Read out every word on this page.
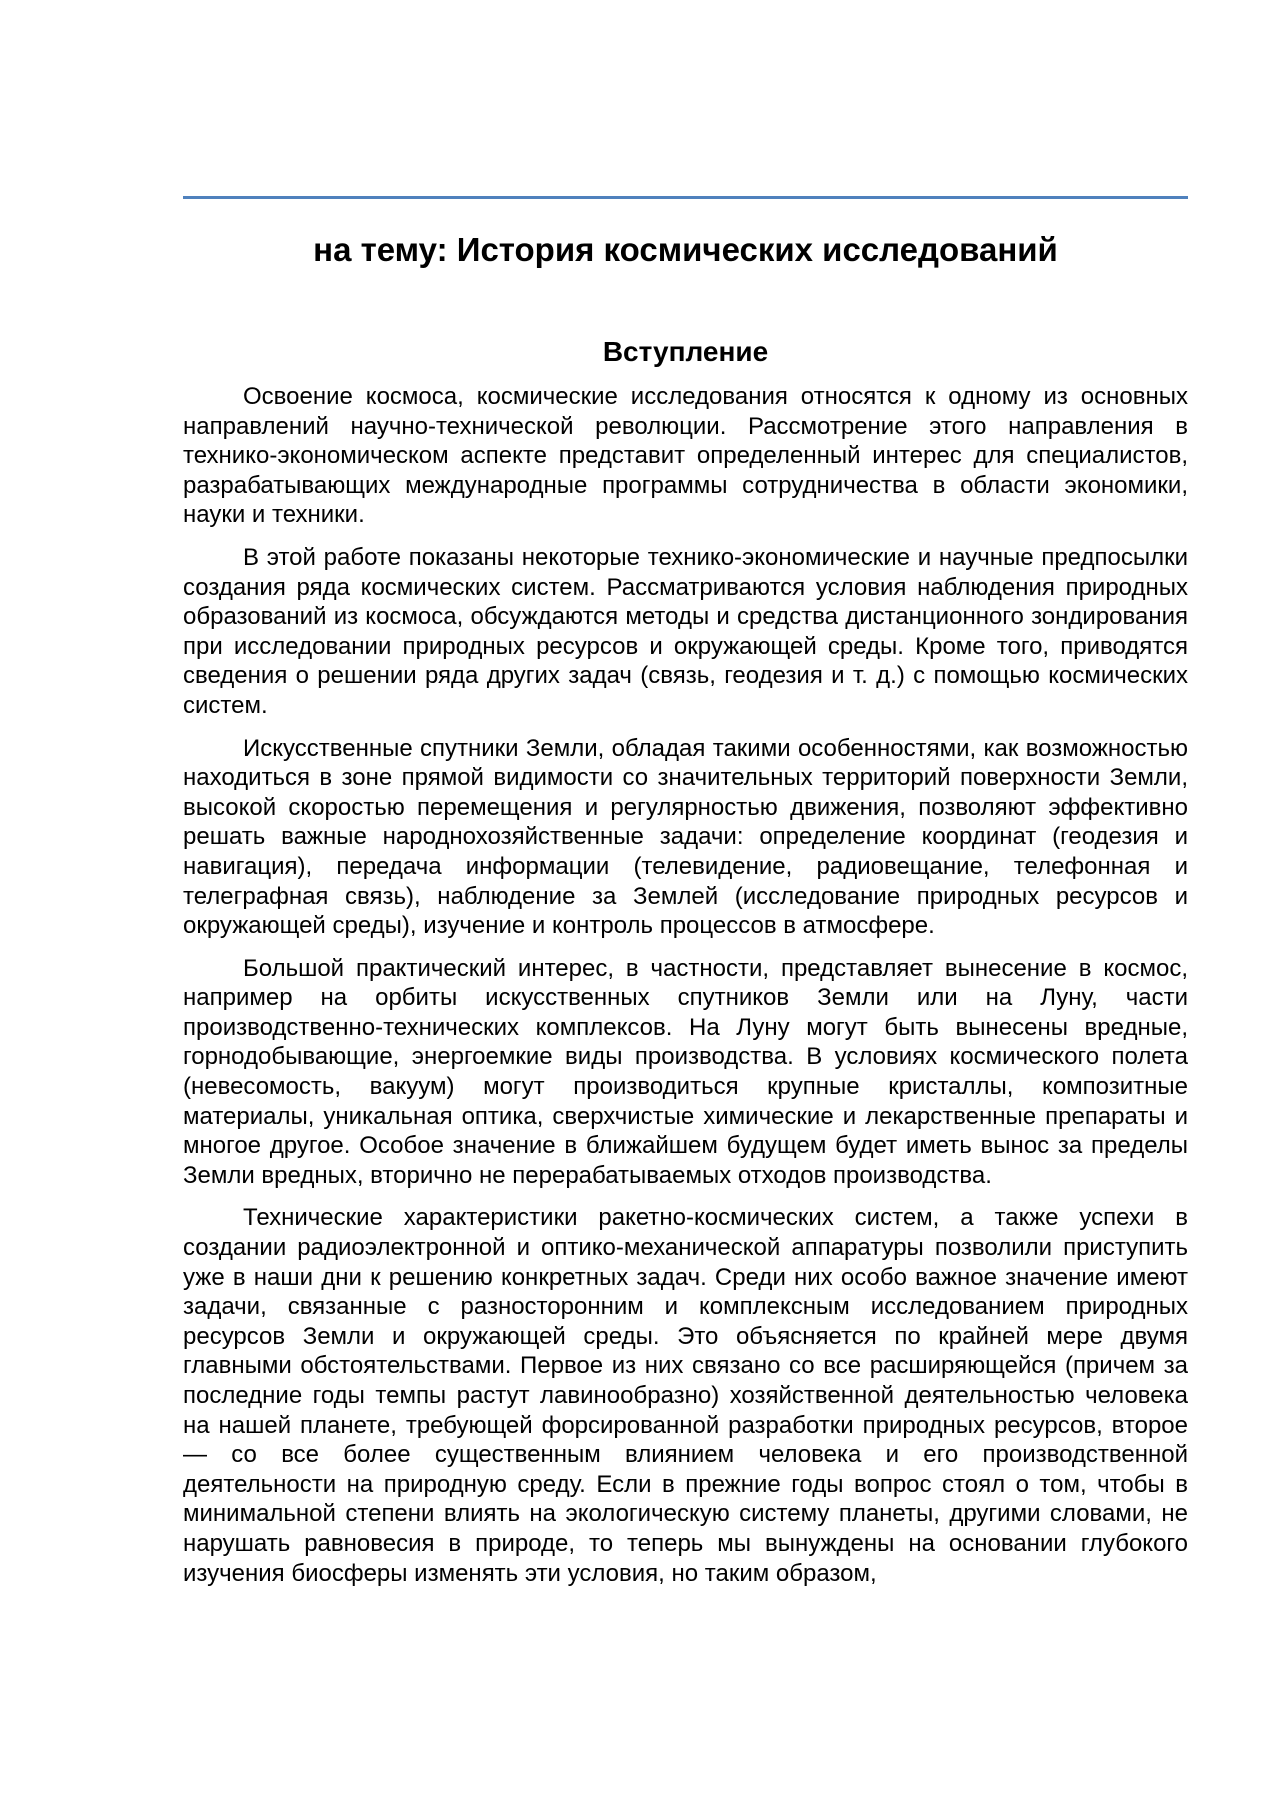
на тему: История космических исследований
Вступление

Освоение космоса, космические исследования относятся к одному из основных направлений научно-технической революции. Рассмотрение этого направления в технико-экономическом аспекте представит определенный интерес для специалистов, разрабатывающих международные программы сотрудничества в области экономики, науки и техники.

В этой работе показаны некоторые технико-экономические и научные предпосылки создания ряда космических систем. Рассматриваются условия наблюдения природных образований из космоса, обсуждаются методы и средства дистанционного зондирования при исследовании природных ресурсов и окружающей среды. Кроме того, приводятся сведения о решении ряда других задач (связь, геодезия и т. д.) с помощью космических систем.

Искусственные спутники Земли, обладая такими особенностями, как возможностью находиться в зоне прямой видимости со значительных территорий поверхности Земли, высокой скоростью перемещения и регулярностью движения, позволяют эффективно решать важные народнохозяйственные задачи: определение координат (геодезия и навигация), передача информации (телевидение, радиовещание, телефонная и телеграфная связь), наблюдение за Землей (исследование природных ресурсов и окружающей среды), изучение и контроль процессов в атмосфере.

Большой практический интерес, в частности, представляет вынесение в космос, например на орбиты искусственных спутников Земли или на Луну, части производственно-технических комплексов. На Луну могут быть вынесены вредные, горнодобывающие, энергоемкие виды производства. В условиях космического полета (невесомость, вакуум) могут производиться крупные кристаллы, композитные материалы, уникальная оптика, сверхчистые химические и лекарственные препараты и многое другое. Особое значение в ближайшем будущем будет иметь вынос за пределы Земли вредных, вторично не перерабатываемых отходов производства.

Технические характеристики ракетно-космических систем, а также успехи в создании радиоэлектронной и оптико-механической аппаратуры позволили приступить уже в наши дни к решению конкретных задач. Среди них особо важное значение имеют задачи, связанные с разносторонним и комплексным исследованием природных ресурсов Земли и окружающей среды. Это объясняется по крайней мере двумя главными обстоятельствами. Первое из них связано со все расширяющейся (причем за последние годы темпы растут лавинообразно) хозяйственной деятельностью человека на нашей планете, требующей форсированной разработки природных ресурсов, второе — со все более существенным влиянием человека и его производственной деятельности на природную среду. Если в прежние годы вопрос стоял о том, чтобы в минимальной степени влиять на экологическую систему планеты, другими словами, не нарушать равновесия в природе, то теперь мы вынуждены на основании глубокого изучения биосферы изменять эти условия, но таким образом,
